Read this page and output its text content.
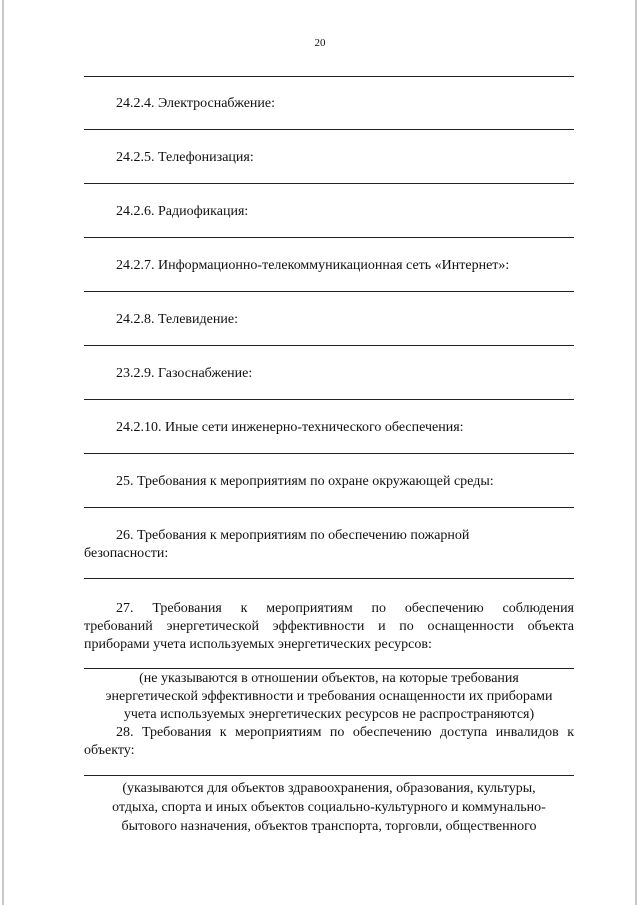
20
24.2.4. Электроснабжение:
24.2.5. Телефонизация:
24.2.6. Радиофикация:
24.2.7. Информационно-телекоммуникационная сеть «Интернет»:
24.2.8. Телевидение:
23.2.9. Газоснабжение:
24.2.10. Иные сети инженерно-технического обеспечения:
25. Требования к мероприятиям по охране окружающей среды:
26. Требования к мероприятиям по обеспечению пожарной
безопасности:
27. Требования к мероприятиям по обеспечению соблюдения
требований энергетической эффективности и по оснащенности объекта
приборами учета используемых энергетических ресурсов:
(не указываются в отношении объектов, на которые требования
энергетической эффективности и требования оснащенности их приборами
учета используемых энергетических ресурсов не распространяются)
28. Требования к мероприятиям по обеспечению доступа инвалидов к
объекту:
(указываются для объектов здравоохранения, образования, культуры,
отдыха, спорта и иных объектов социально-культурного и коммунально-
бытового назначения, объектов транспорта, торговли, общественного
